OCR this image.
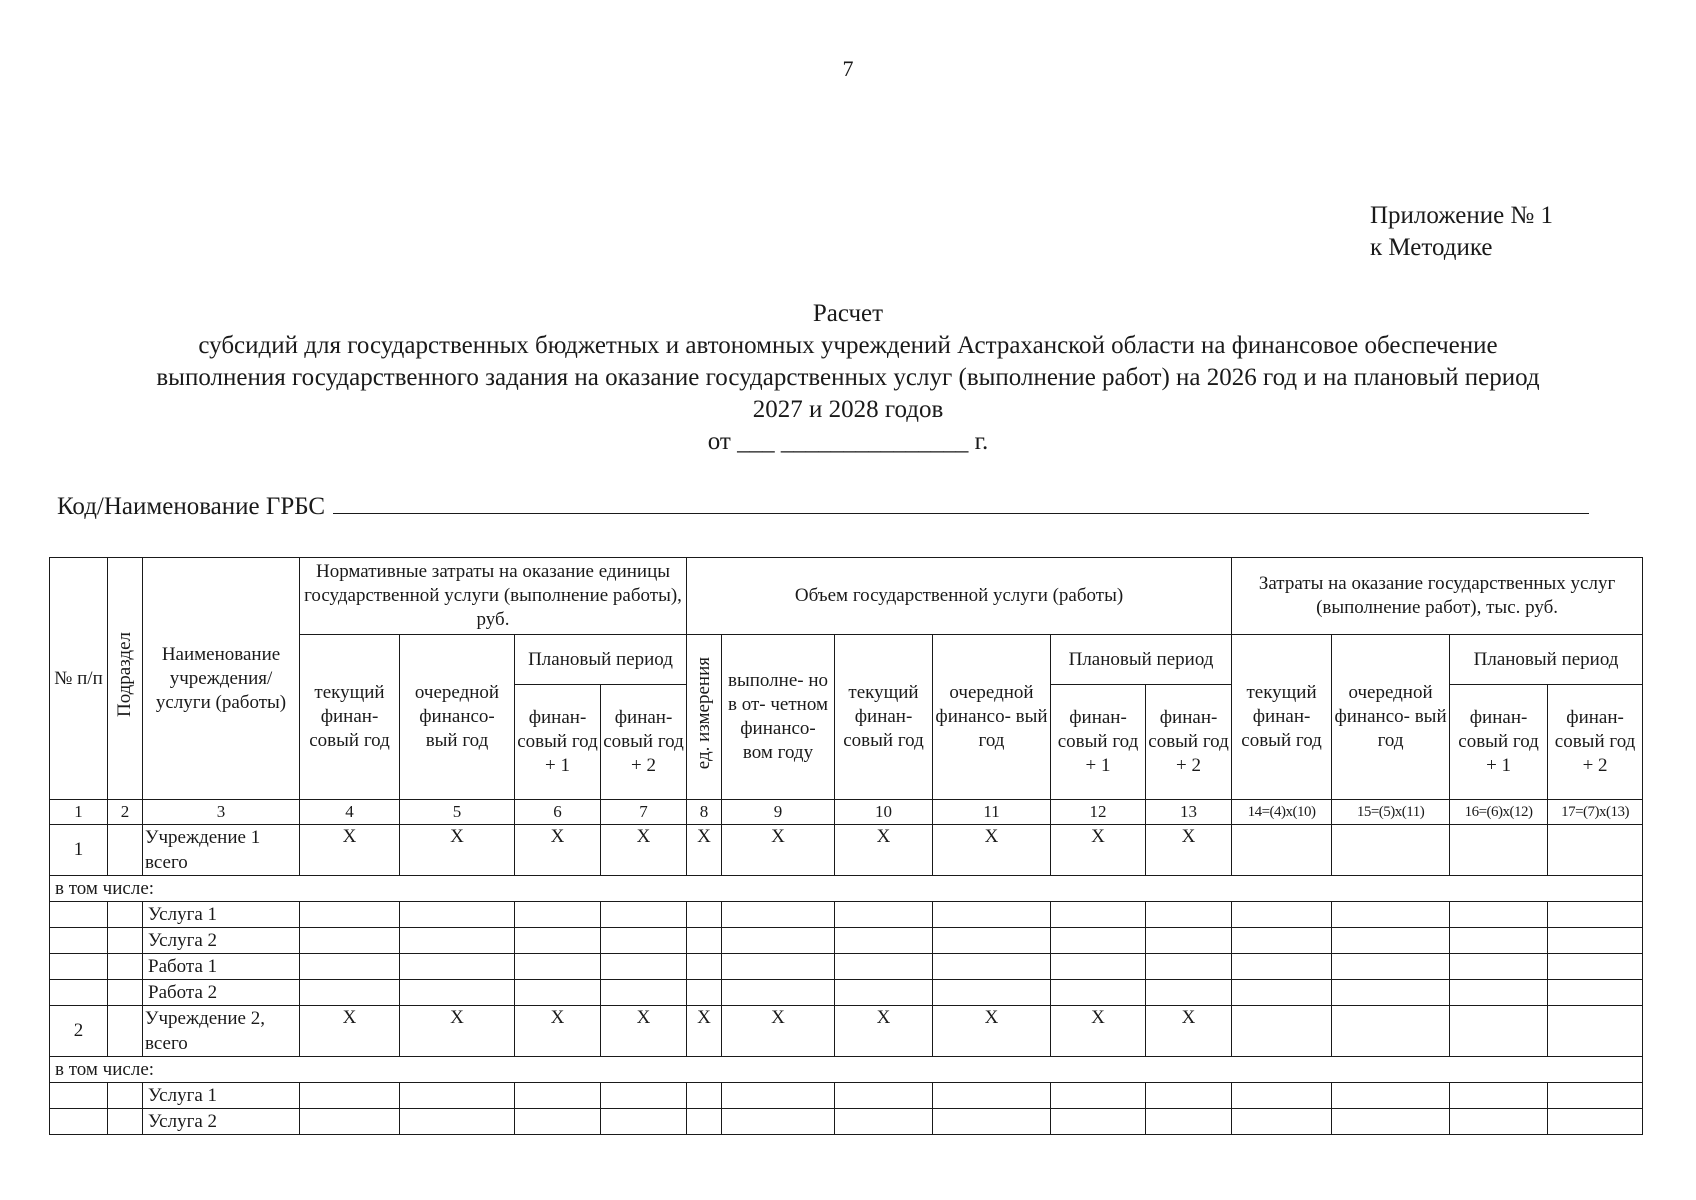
7
Приложение № 1
к Методике
Расчет
субсидий для государственных бюджетных и автономных учреждений Астраханской области на финансовое обеспечение
выполнения государственного задания на оказание государственных услуг (выполнение работ) на 2026 год и на плановый период
2027 и 2028 годов
от ___ _______________ г.
Код/Наименование ГРБС
№ п/п	Подраздел	Наименование учреждения/ услуги (работы)	Нормативные затраты на оказание единицы государственной услуги (выполнение работы), руб.				Объем государственной услуги (работы)						Затраты на оказание государственных услуг (выполнение работ), тыс. руб.			
			текущий финан- совый год	очередной финансо- вый год	Плановый период		ед. измерения	выполне- но в от- четном финансо- вом году	текущий финан- совый год	очередной финансо- вый год	Плановый период		текущий финан- совый год	очередной финансо- вый год	Плановый период	
					финан- совый год + 1	финан- совый год + 2					финан- совый год + 1	финан- совый год + 2			финан- совый год + 1	финан- совый год + 2
1	2	3	4	5	6	7	8	9	10	11	12	13	14=(4)x(10)	15=(5)x(11)	16=(6)x(12)	17=(7)x(13)
1		Учреждение 1 всего	X	X	X	X	X	X	X	X	X	X				
в том числе:																
		Услуга 1														
		Услуга 2														
		Работа 1														
		Работа 2														
2		Учреждение 2, всего	X	X	X	X	X	X	X	X	X	X				
в том числе:																
		Услуга 1														
		Услуга 2														
